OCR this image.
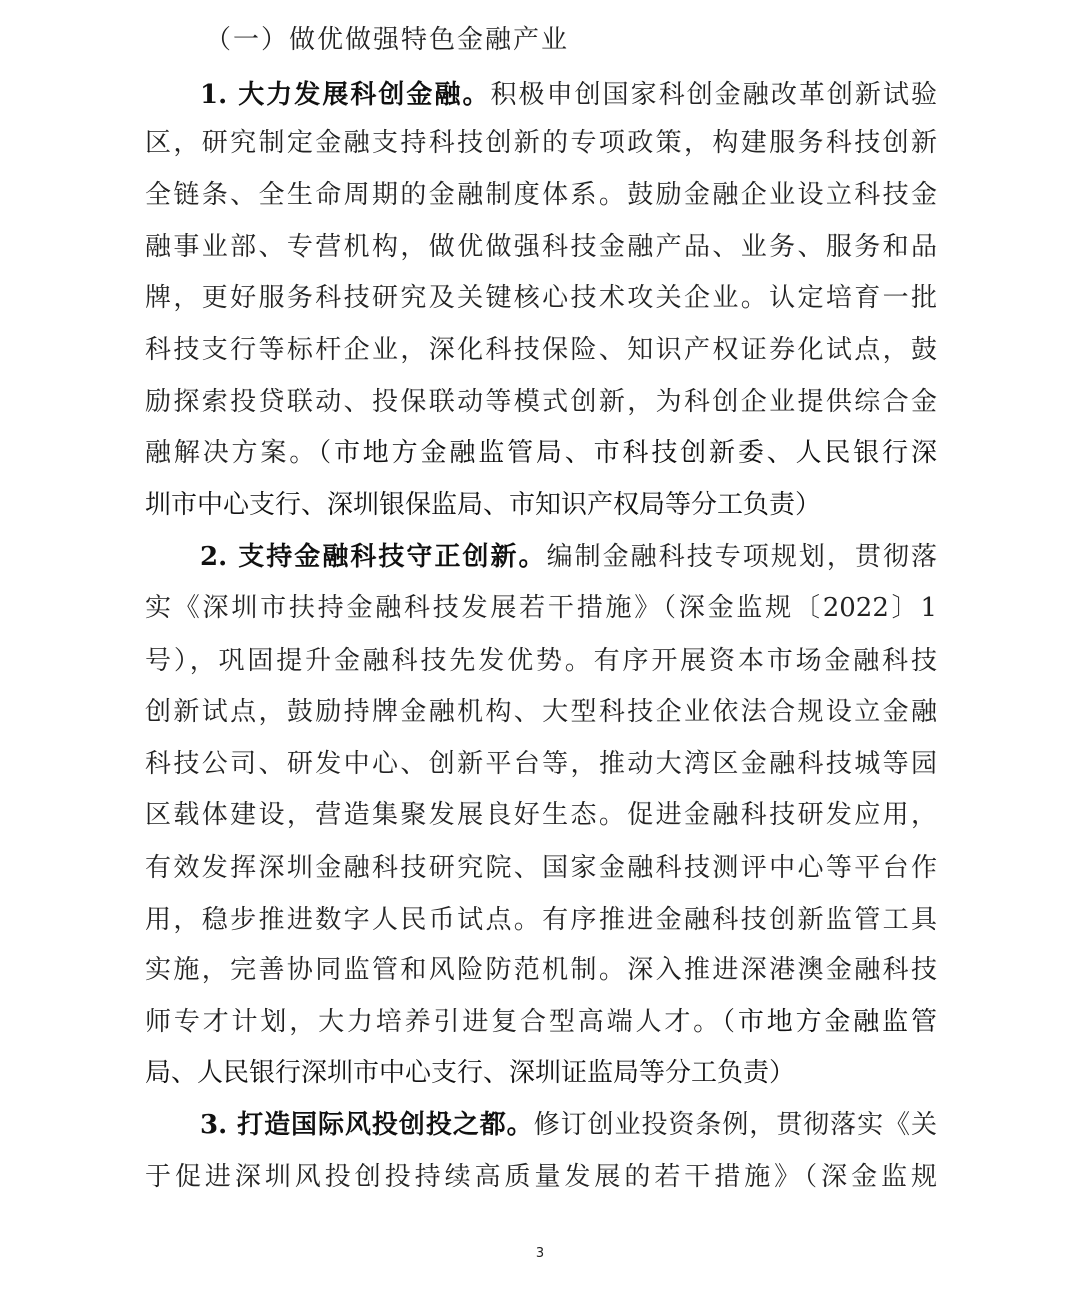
（一）做优做强特色金融产业
1. 大力发展科创金融。积极申创国家科创金融改革创新试验
区，研究制定金融支持科技创新的专项政策，构建服务科技创新
全链条、全生命周期的金融制度体系。鼓励金融企业设立科技金
融事业部、专营机构，做优做强科技金融产品、业务、服务和品
牌，更好服务科技研究及关键核心技术攻关企业。认定培育一批
科技支行等标杆企业，深化科技保险、知识产权证券化试点，鼓
励探索投贷联动、投保联动等模式创新，为科创企业提供综合金
融解决方案。（市地方金融监管局、市科技创新委、人民银行深
圳市中心支行、深圳银保监局、市知识产权局等分工负责）
2. 支持金融科技守正创新。编制金融科技专项规划，贯彻落
实《深圳市扶持金融科技发展若干措施》（深金监规〔2022〕1
号），巩固提升金融科技先发优势。有序开展资本市场金融科技
创新试点，鼓励持牌金融机构、大型科技企业依法合规设立金融
科技公司、研发中心、创新平台等，推动大湾区金融科技城等园
区载体建设，营造集聚发展良好生态。促进金融科技研发应用，
有效发挥深圳金融科技研究院、国家金融科技测评中心等平台作
用，稳步推进数字人民币试点。有序推进金融科技创新监管工具
实施，完善协同监管和风险防范机制。深入推进深港澳金融科技
师专才计划，大力培养引进复合型高端人才。（市地方金融监管
局、人民银行深圳市中心支行、深圳证监局等分工负责）
3. 打造国际风投创投之都。修订创业投资条例，贯彻落实《关
于促进深圳风投创投持续高质量发展的若干措施》（深金监规
3
